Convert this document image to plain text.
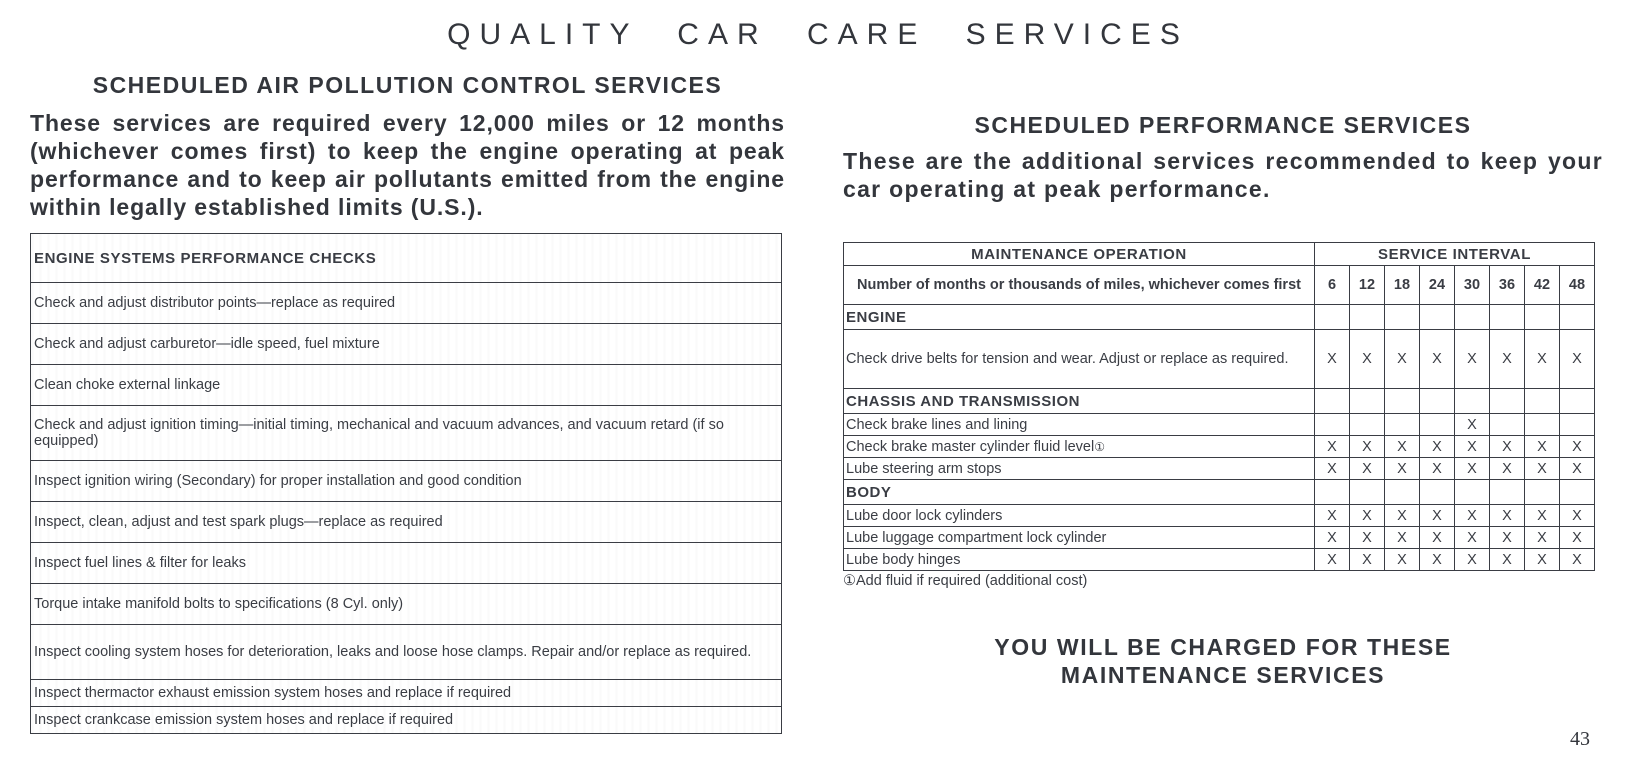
QUALITY CAR CARE SERVICES
SCHEDULED AIR POLLUTION CONTROL SERVICES
These services are required every 12,000 miles or 12 months (whichever comes first) to keep the engine operating at peak performance and to keep air pollutants emitted from the engine within legally established limits (U.S.).
ENGINE SYSTEMS PERFORMANCE CHECKS
Check and adjust distributor points—replace as required
Check and adjust carburetor—idle speed, fuel mixture
Clean choke external linkage
Check and adjust ignition timing—initial timing, mechanical and vacuum advances, and vacuum retard (if so equipped)
Inspect ignition wiring (Secondary) for proper installation and good condition
Inspect, clean, adjust and test spark plugs—replace as required
Inspect fuel lines & filter for leaks
Torque intake manifold bolts to specifications (8 Cyl. only)
Inspect cooling system hoses for deterioration, leaks and loose hose clamps. Repair and/or replace as required.
Inspect thermactor exhaust emission system hoses and replace if required
Inspect crankcase emission system hoses and replace if required
SCHEDULED PERFORMANCE SERVICES
These are the additional services recommended to keep your car operating at peak performance.
MAINTENANCE OPERATION	SERVICE INTERVAL							
Number of months or thousands of miles, whichever comes first	6	12	18	24	30	36	42	48
ENGINE								
Check drive belts for tension and wear. Adjust or replace as required.	X	X	X	X	X	X	X	X
CHASSIS AND TRANSMISSION								
Check brake lines and lining					X			
Check brake master cylinder fluid level①	X	X	X	X	X	X	X	X
Lube steering arm stops	X	X	X	X	X	X	X	X
BODY								
Lube door lock cylinders	X	X	X	X	X	X	X	X
Lube luggage compartment lock cylinder	X	X	X	X	X	X	X	X
Lube body hinges	X	X	X	X	X	X	X	X
①Add fluid if required (additional cost)
YOU WILL BE CHARGED FOR THESE
MAINTENANCE SERVICES
43
